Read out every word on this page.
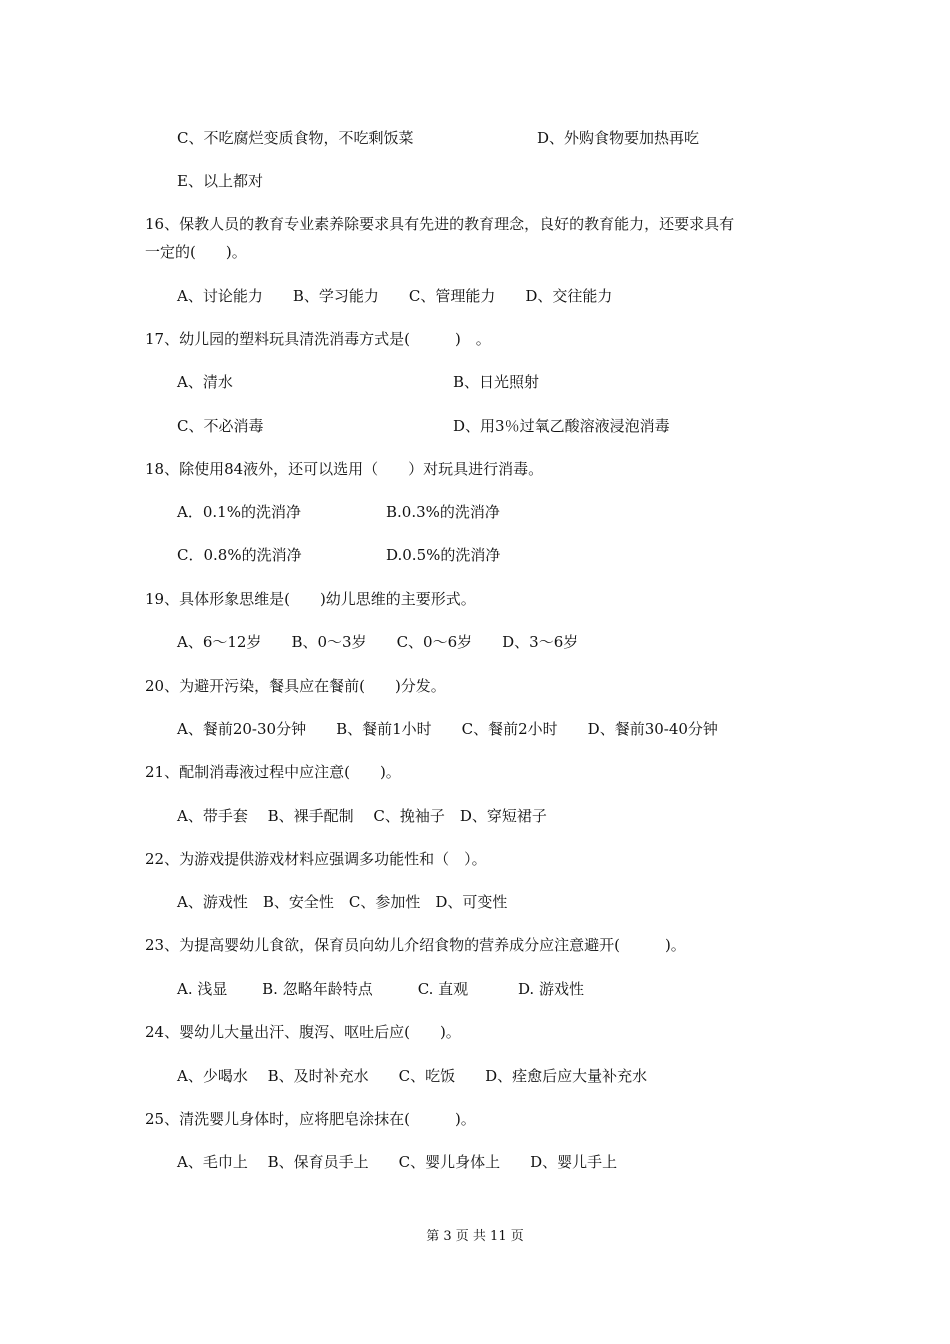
C、不吃腐烂变质食物，不吃剩饭菜	D、外购食物要加热再吃
E、以上都对
16、保教人员的教育专业素养除要求具有先进的教育理念，良好的教育能力，还要求具有
一定的(　　)。
A、讨论能力　　B、学习能力　　C、管理能力　　D、交往能力
17、幼儿园的塑料玩具清洗消毒方式是(　　　)　。
A、清水	B、日光照射
C、不必消毒	D、用3％过氧乙酸溶液浸泡消毒
18、除使用84液外，还可以选用（　　）对玩具进行消毒。
A．0.1%的洗消净	B.0.3%的洗消净
C．0.8%的洗消净	D.0.5%的洗消净
19、具体形象思维是(　　)幼儿思维的主要形式。
A、6～12岁　　B、0～3岁　　C、0～6岁　　D、3～6岁
20、为避开污染，餐具应在餐前(　　)分发。
A、餐前20-30分钟　　B、餐前1小时　　C、餐前2小时　　D、餐前30-40分钟
21、配制消毒液过程中应注意(　　)。
A、带手套　 B、裸手配制　 C、挽袖子　D、穿短裙子
22、为游戏提供游戏材料应强调多功能性和（　）。
A、游戏性　B、安全性　C、参加性　D、可变性
23、为提高婴幼儿食欲，保育员向幼儿介绍食物的营养成分应注意避开(　　　)。
A. 浅显　　 B. 忽略年龄特点　　　C. 直观　　　 D. 游戏性
24、婴幼儿大量出汗、腹泻、呕吐后应(　　)。
A、少喝水　 B、及时补充水　　C、吃饭　　D、痊愈后应大量补充水
25、清洗婴儿身体时，应将肥皂涂抹在(　　　)。
A、毛巾上　 B、保育员手上　　C、婴儿身体上　　D、婴儿手上
第 3 页 共 11 页
